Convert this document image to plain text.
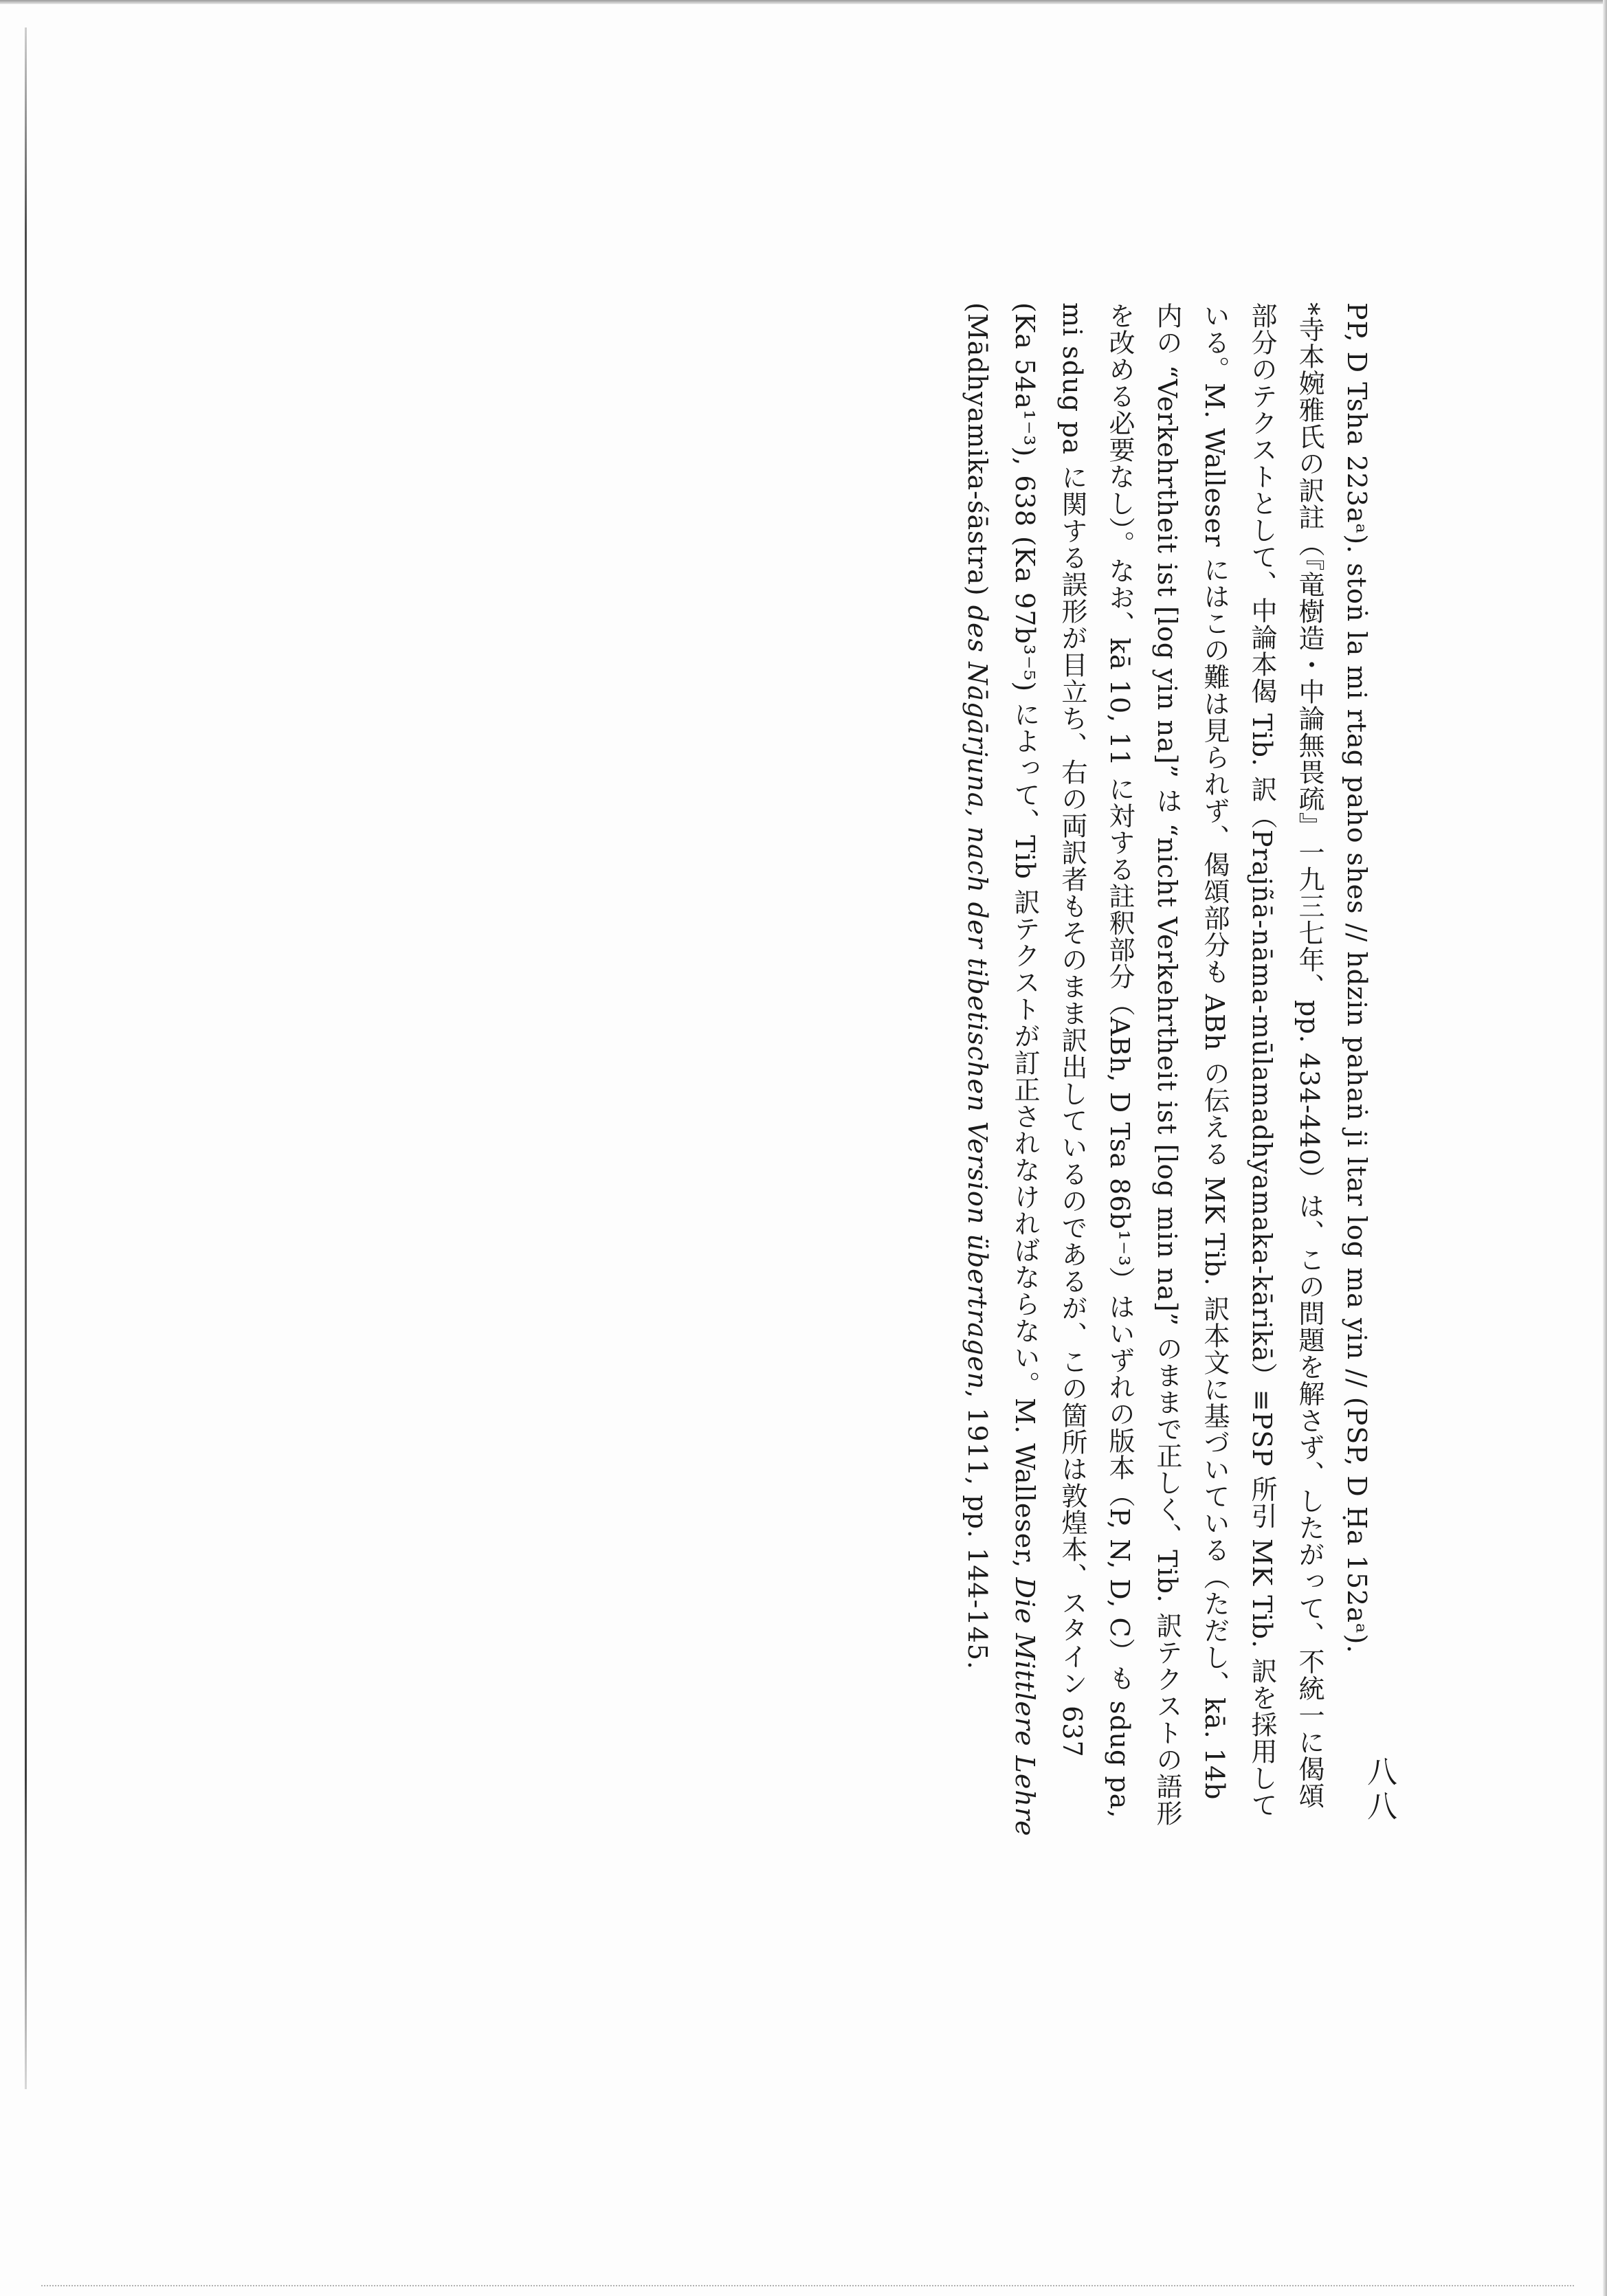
八八

PP, D Tsha 223aᵃ). stoṅ la mi rtag paho shes // hdzin pahaṅ ji ltar log ma yin // (PSP, D Ḥa 152aᵃ).

*寺本婉雅氏の訳註（『竜樹造・中論無畏疏』一九三七年、pp. 434-440）は、この問題を解さず、したがって、不統一に偈頌

部分のテクストとして、中論本偈 Tib. 訳（Prajñā-nāma-mūlamadhyamaka-kārikā）≡PSP 所引 MK Tib. 訳を採用して

いる。M. Walleser にはこの難は見られず、偈頌部分も ABh の伝える MK Tib. 訳本文に基づいている（ただし、kā. 14b

内の “Verkehrtheit ist [log yin na]” は “nicht Verkehrtheit ist [log min na]” のままで正しく、Tib. 訳テクストの語形

を改める必要なし）。なお、kā 10, 11 に対する註釈部分（ABh, D Tsa 86b¹⁻³）はいずれの版本（P, N, D, C）も sdug pa,

mi sdug pa に関する誤形が目立ち、右の両訳者もそのまま訳出しているのであるが、この箇所は敦煌本、スタイン 637

(Ka 54a¹⁻³), 638 (Ka 97b³⁻⁵) によって、Tib 訳テクストが訂正されなければならない。M. Walleser, Die Mittlere Lehre

(Mādhyamika-śāstra) des Nāgārjuna, nach der tibetischen Version übertragen, 1911, pp. 144-145.
